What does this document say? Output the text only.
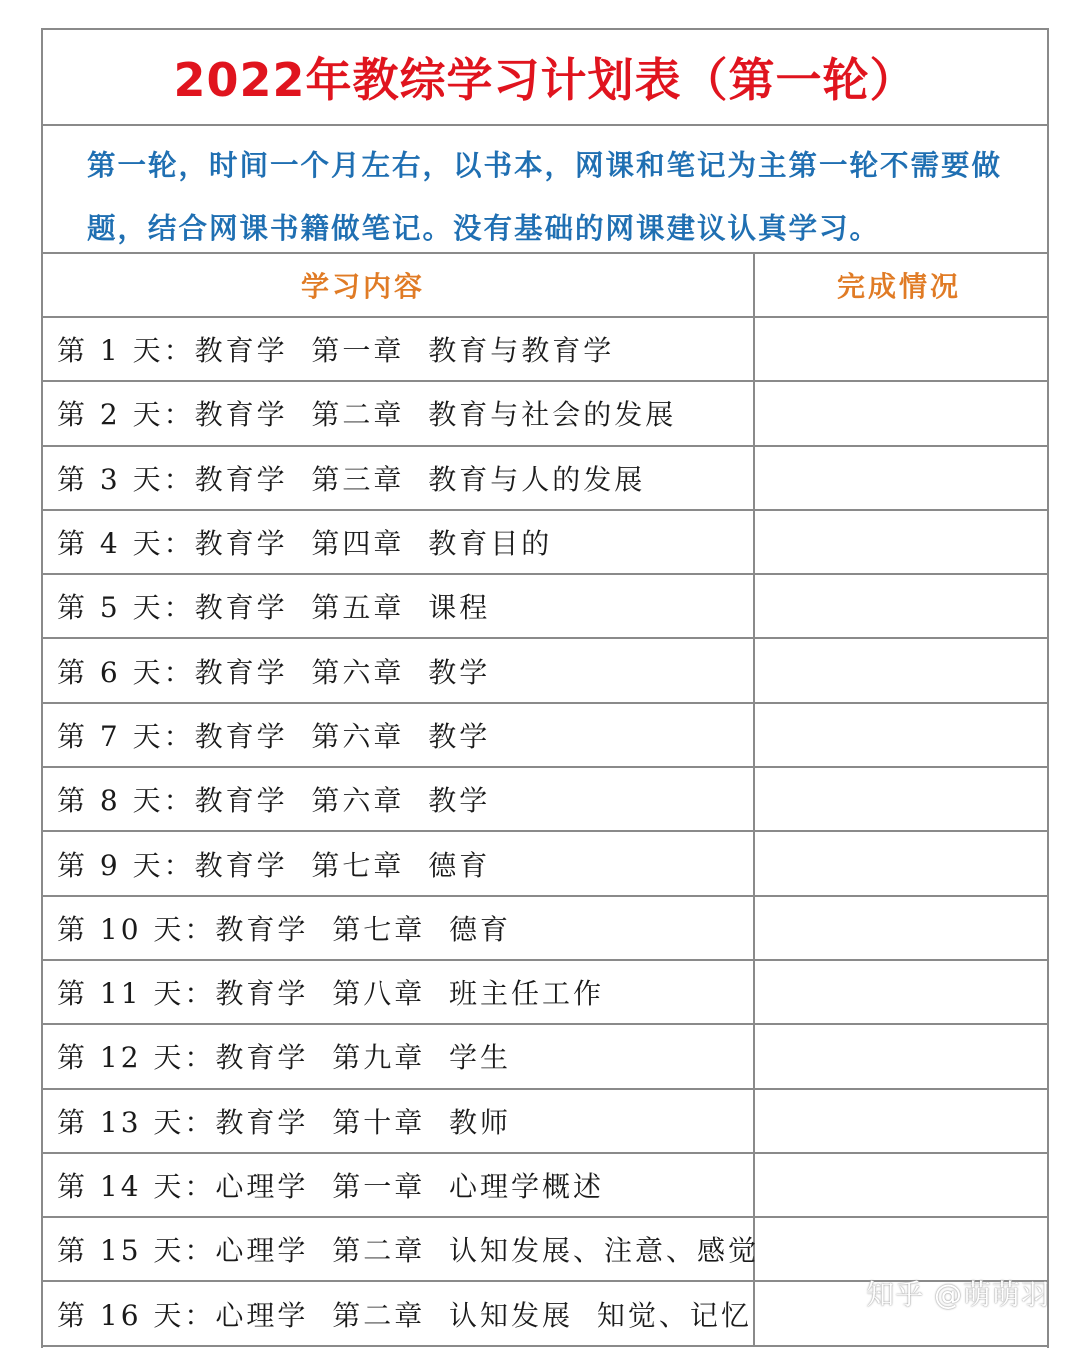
2022年教综学习计划表（第一轮）

第一轮，时间一个月左右，以书本，网课和笔记为主第一轮不需要做题，结合网课书籍做笔记。没有基础的网课建议认真学习。

学习内容	完成情况
第 1 天：教育学  第一章  教育与教育学
第 2 天：教育学  第二章  教育与社会的发展
第 3 天：教育学  第三章  教育与人的发展
第 4 天：教育学  第四章  教育目的
第 5 天：教育学  第五章  课程
第 6 天：教育学  第六章  教学
第 7 天：教育学  第六章  教学
第 8 天：教育学  第六章  教学
第 9 天：教育学  第七章  德育
第 10 天：教育学  第七章  德育
第 11 天：教育学  第八章  班主任工作
第 12 天：教育学  第九章  学生
第 13 天：教育学  第十章  教师
第 14 天：心理学  第一章  心理学概述
第 15 天：心理学  第二章  认知发展、注意、感觉
第 16 天：心理学  第二章  认知发展  知觉、记忆
知乎 @萌萌羽
